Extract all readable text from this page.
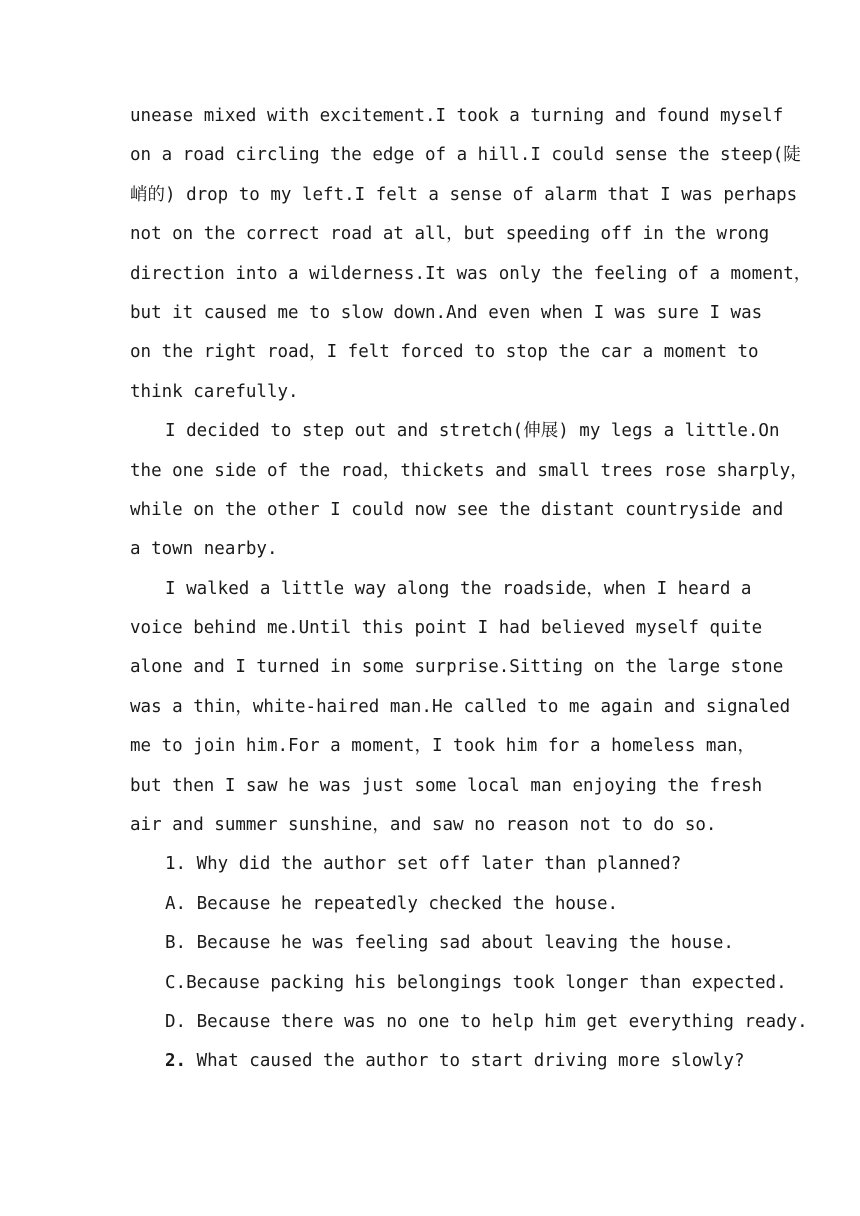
unease mixed with excitement.I took a turning and found myself
on a road circling the edge of a hill.I could sense the steep(陡
峭的) drop to my left.I felt a sense of alarm that I was perhaps
not on the correct road at all，but speeding off in the wrong
direction into a wilderness.It was only the feeling of a moment，
but it caused me to slow down.And even when I was sure I was
on the right road，I felt forced to stop the car a moment to
think carefully.
I decided to step out and stretch(伸展) my legs a little.On
the one side of the road，thickets and small trees rose sharply，
while on the other I could now see the distant countryside and
a town nearby.
I walked a little way along the roadside，when I heard a
voice behind me.Until this point I had believed myself quite
alone and I turned in some surprise.Sitting on the large stone
was a thin，white-haired man.He called to me again and signaled
me to join him.For a moment，I took him for a homeless man，
but then I saw he was just some local man enjoying the fresh
air and summer sunshine，and saw no reason not to do so.
1. Why did the author set off later than planned?
A. Because he repeatedly checked the house.
B. Because he was feeling sad about leaving the house.
C.Because packing his belongings took longer than expected.
D. Because there was no one to help him get everything ready.
2. What caused the author to start driving more slowly?
